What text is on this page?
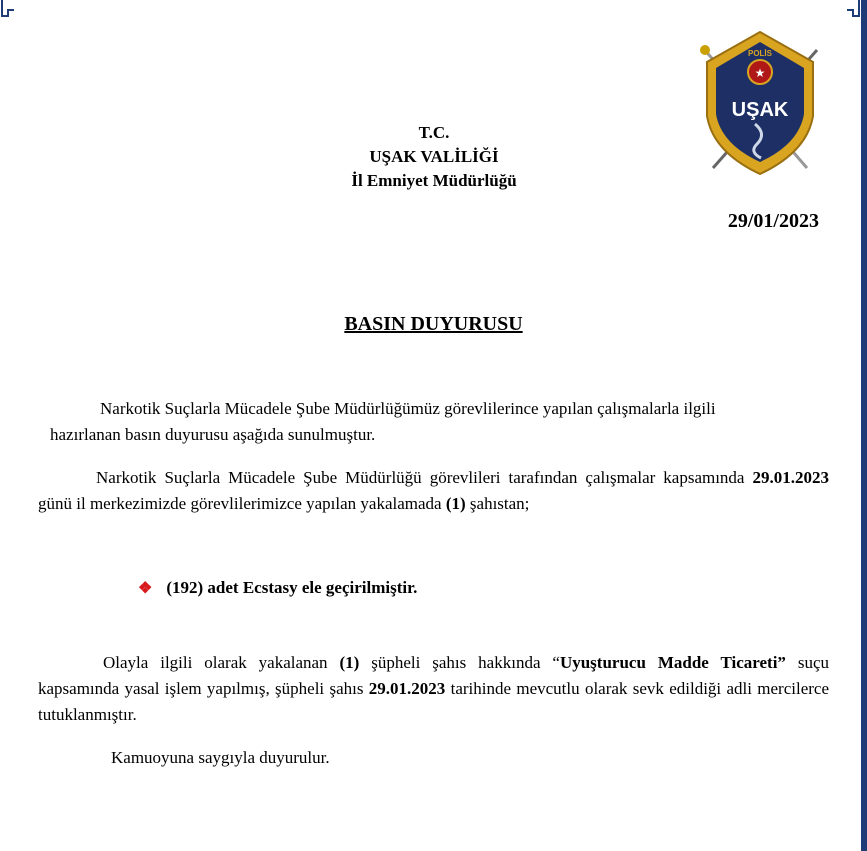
T.C.
UŞAK VALİLİĞİ
İl Emniyet Müdürlüğü
★
POLİS
UŞAK
29/01/2023
BASIN DUYURUSU
Narkotik Suçlarla Mücadele Şube Müdürlüğümüz görevlilerince yapılan çalışmalarla ilgili
hazırlanan basın duyurusu aşağıda sunulmuştur.
Narkotik Suçlarla Mücadele Şube Müdürlüğü görevlileri tarafından çalışmalar kapsamında 29.01.2023 günü il merkezimizde görevlilerimizce yapılan yakalamada (1) şahıstan;
❖ (192) adet Ecstasy ele geçirilmiştir.
Olayla ilgili olarak yakalanan (1) şüpheli şahıs hakkında “Uyuşturucu Madde Ticareti” suçu kapsamında yasal işlem yapılmış, şüpheli şahıs 29.01.2023 tarihinde mevcutlu olarak sevk edildiği adli mercilerce tutuklanmıştır.
Kamuoyuna saygıyla duyurulur.
